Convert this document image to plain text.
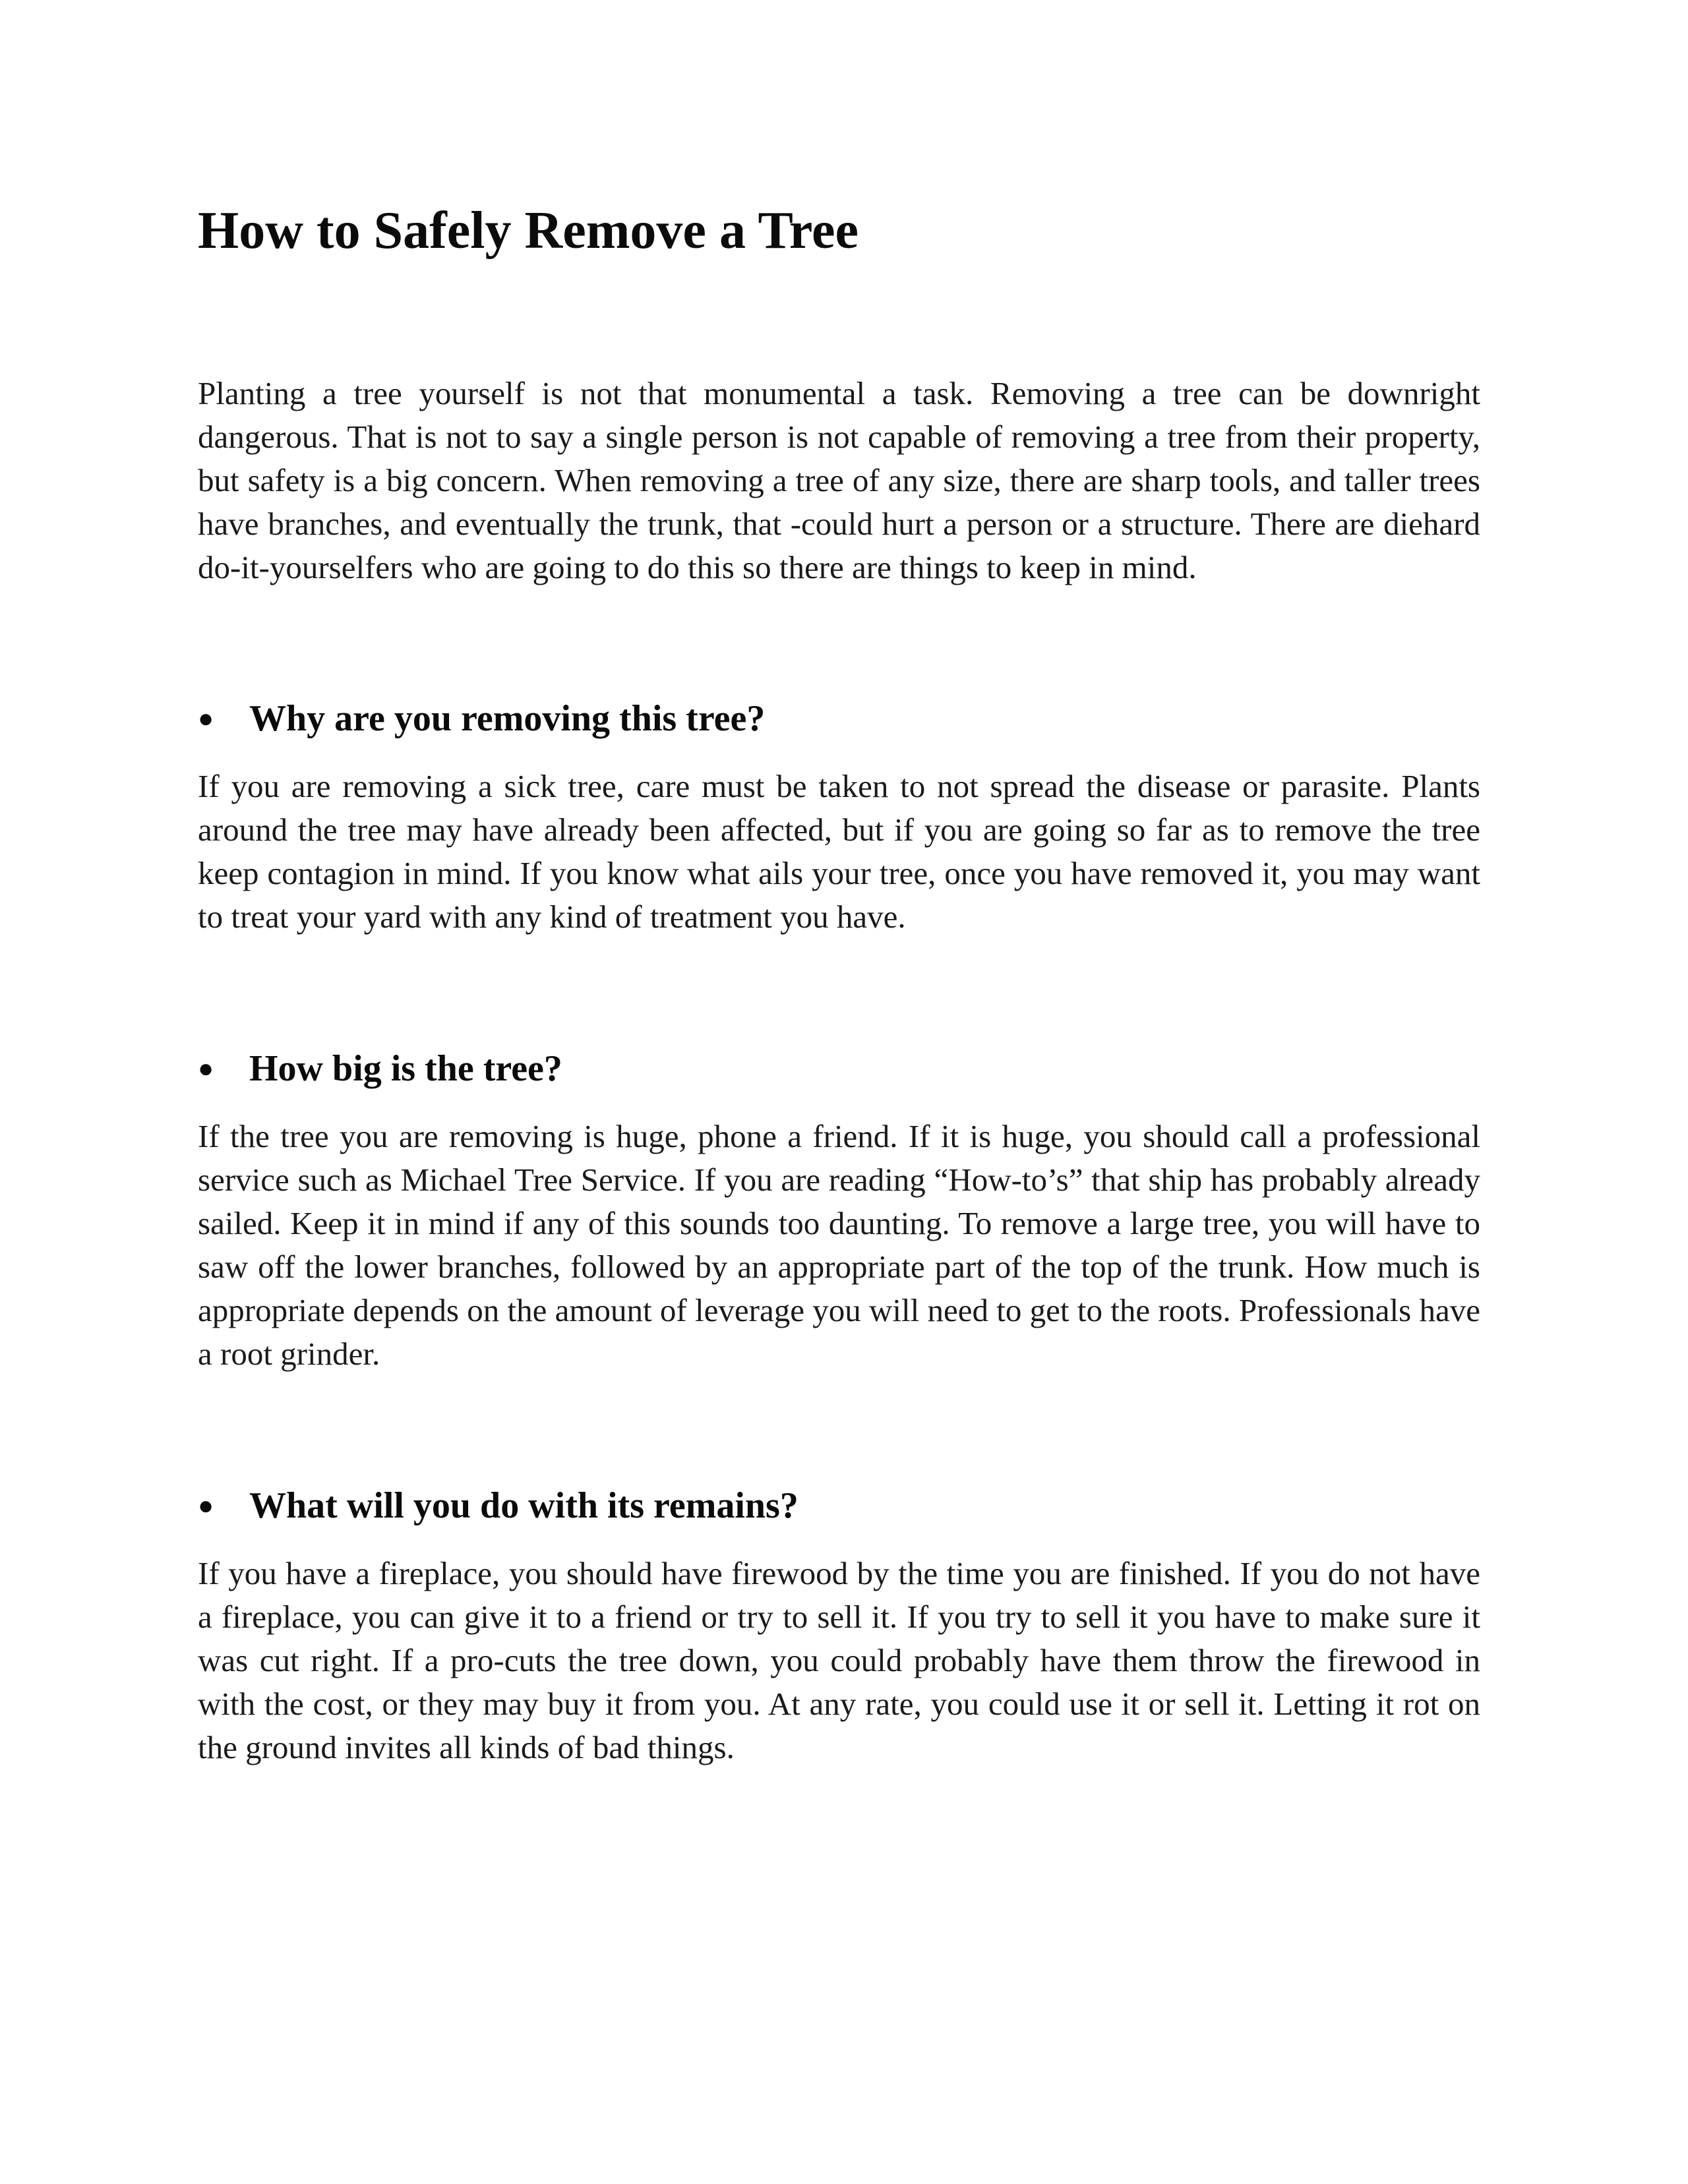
How to Safely Remove a Tree

Planting a tree yourself is not that monumental a task. Removing a tree can be downright dangerous. That is not to say a single person is not capable of removing a tree from their property, but safety is a big concern. When removing a tree of any size, there are sharp tools, and taller trees have branches, and eventually the trunk, that -could hurt a person or a structure. There are diehard do-it-yourselfers who are going to do this so there are things to keep in mind.

● Why are you removing this tree?

If you are removing a sick tree, care must be taken to not spread the disease or parasite. Plants around the tree may have already been affected, but if you are going so far as to remove the tree keep contagion in mind. If you know what ails your tree, once you have removed it, you may want to treat your yard with any kind of treatment you have.

● How big is the tree?

If the tree you are removing is huge, phone a friend. If it is huge, you should call a professional service such as Michael Tree Service. If you are reading “How-to’s” that ship has probably already sailed. Keep it in mind if any of this sounds too daunting. To remove a large tree, you will have to saw off the lower branches, followed by an appropriate part of the top of the trunk. How much is appropriate depends on the amount of leverage you will need to get to the roots. Professionals have a root grinder.

● What will you do with its remains?

If you have a fireplace, you should have firewood by the time you are finished. If you do not have a fireplace, you can give it to a friend or try to sell it. If you try to sell it you have to make sure it was cut right. If a pro-cuts the tree down, you could probably have them throw the firewood in with the cost, or they may buy it from you. At any rate, you could use it or sell it. Letting it rot on the ground invites all kinds of bad things.
